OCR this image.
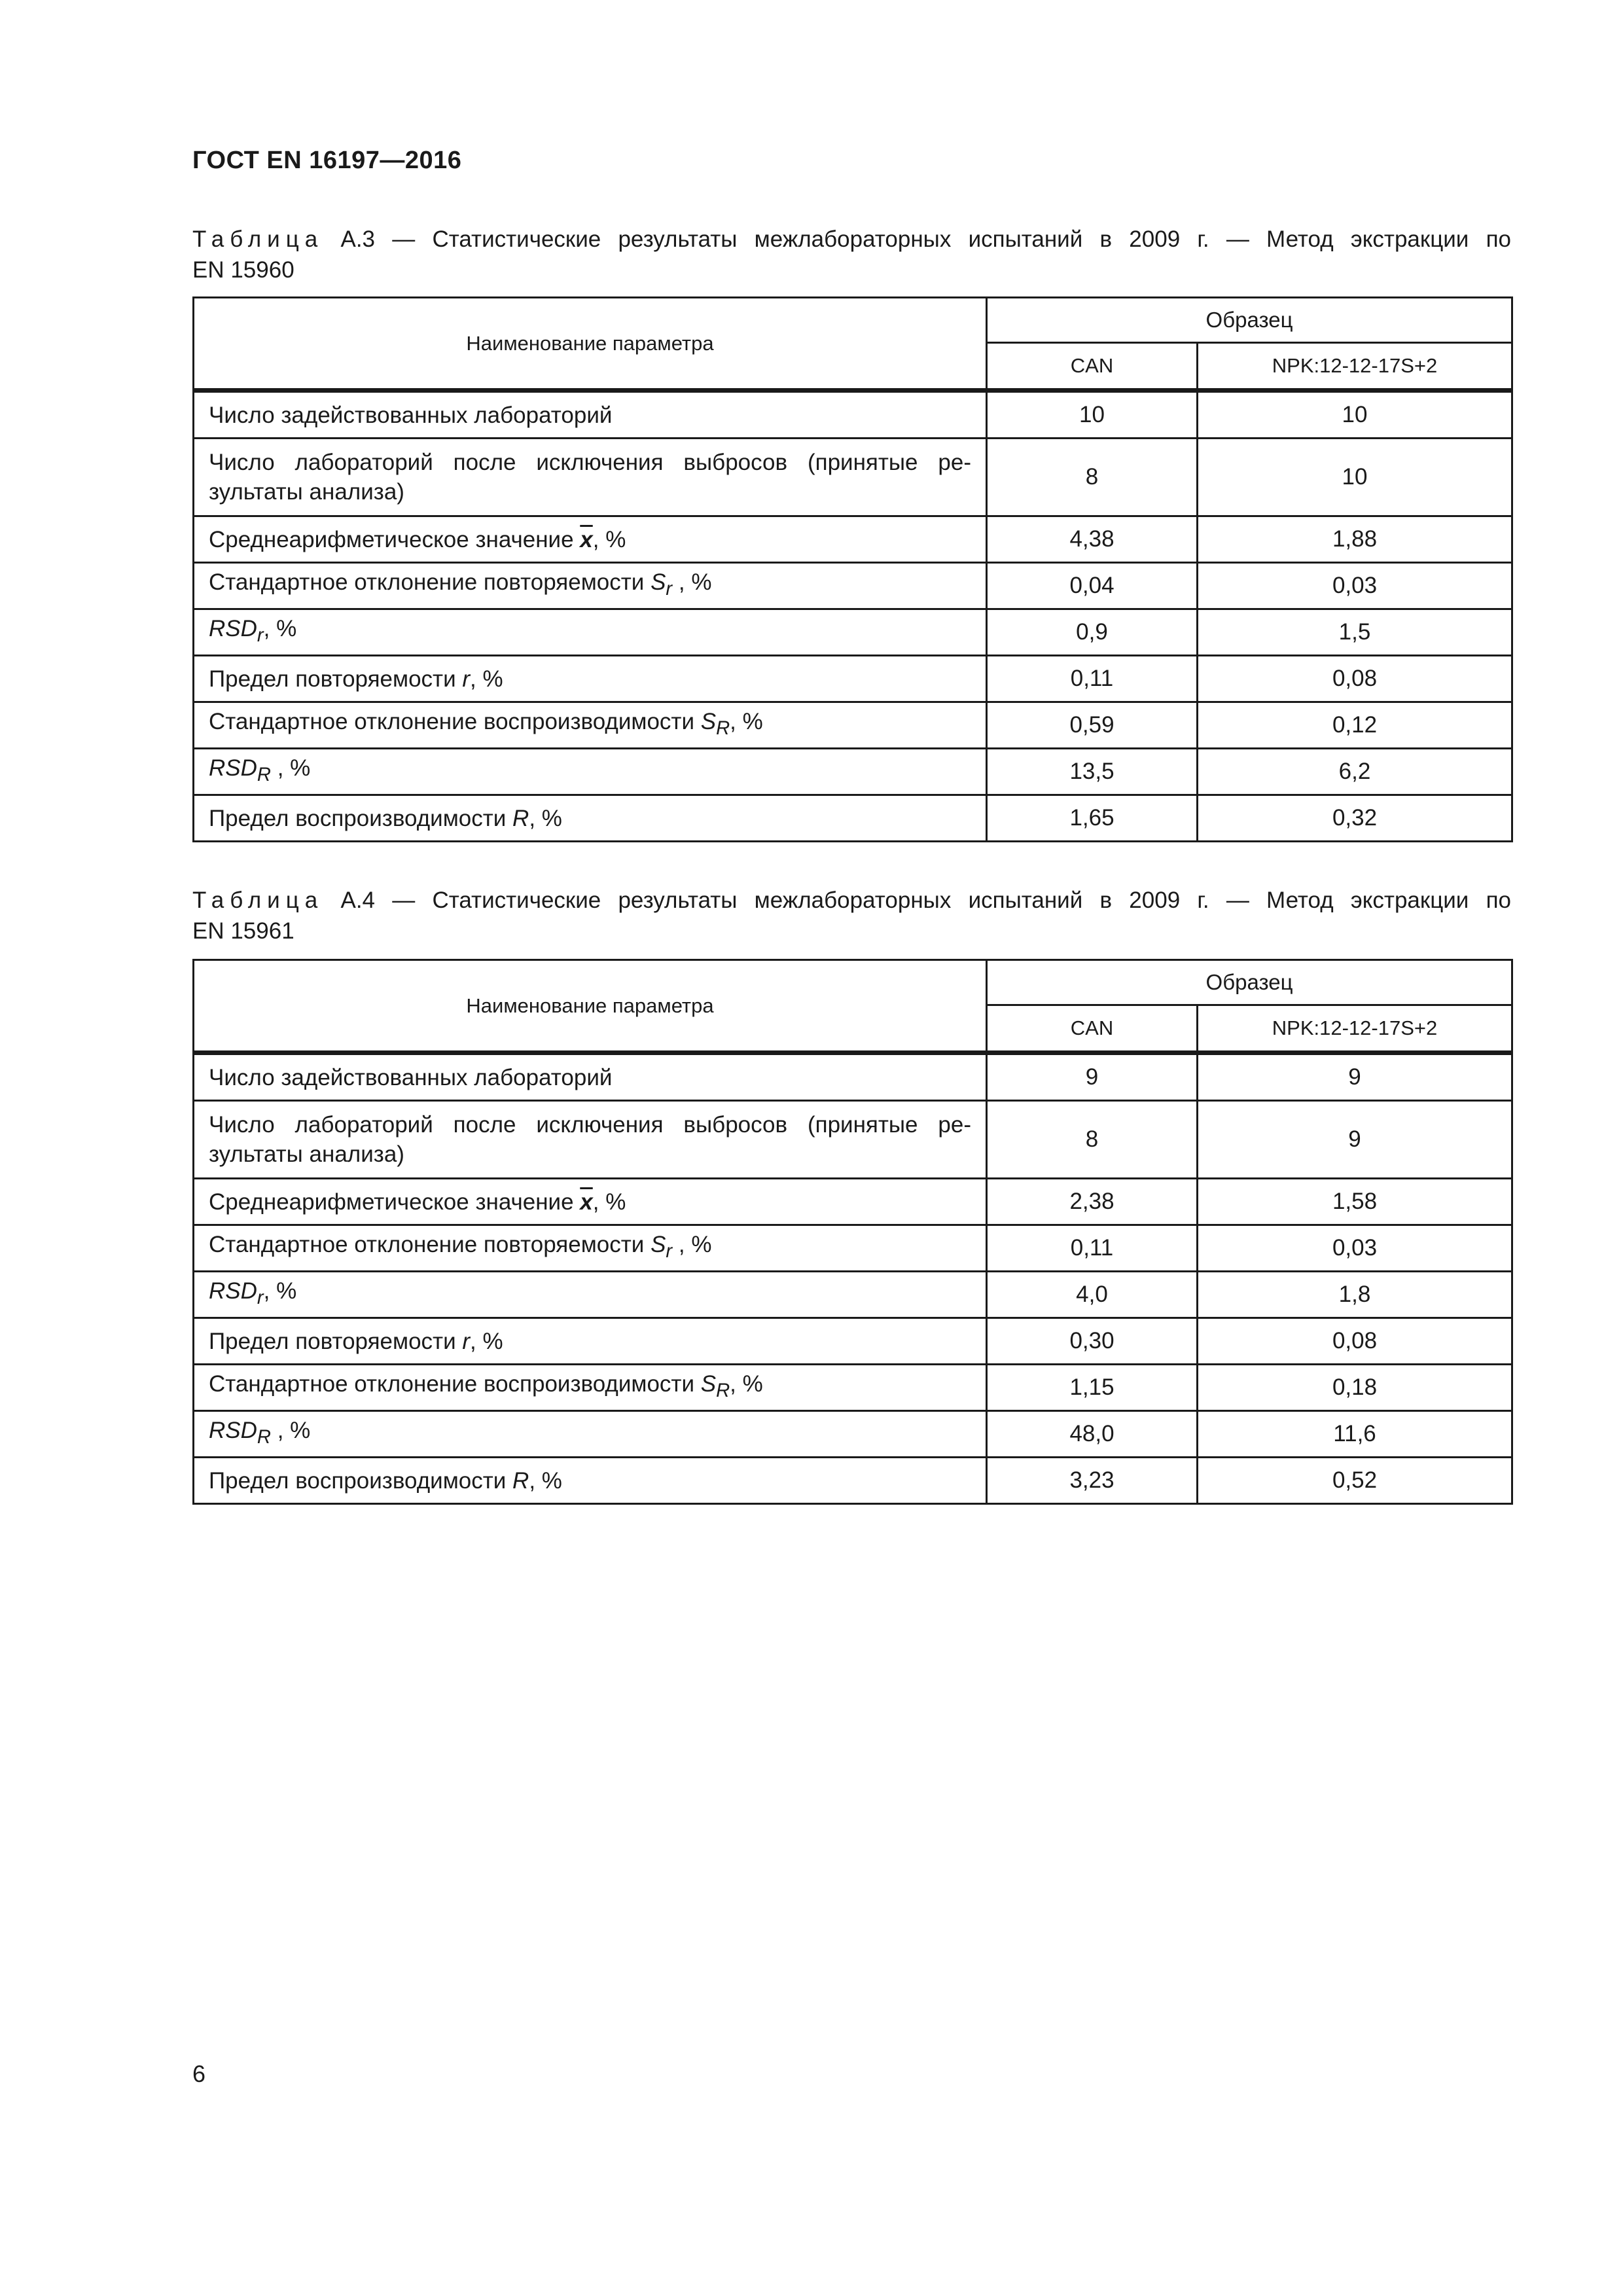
ГОСТ EN 16197—2016
Таблица A.3 — Статистические результаты межлабораторных испытаний в 2009 г. — Метод экстракции по
EN 15960
Наименование параметра	Образец	
	CAN	NPK:12-12-17S+2
Число задействованных лабораторий	10	10
Число лабораторий после исключения выбросов (принятые ре-зультаты анализа)	8	10
Среднеарифметическое значение $\overline{x}$, %	4,38	1,88
Стандартное отклонение повторяемости $S_r$ , %	0,04	0,03
$RSD_r$, %	0,9	1,5
Предел повторяемости r, %	0,11	0,08
Стандартное отклонение воспроизводимости $S_R$, %	0,59	0,12
$RSD_R$ , %	13,5	6,2
Предел воспроизводимости R, %	1,65	0,32
Таблица A.4 — Статистические результаты межлабораторных испытаний в 2009 г. — Метод экстракции по
EN 15961
Наименование параметра	Образец	
	CAN	NPK:12-12-17S+2
Число задействованных лабораторий	9	9
Число лабораторий после исключения выбросов (принятые ре-зультаты анализа)	8	9
Среднеарифметическое значение $\overline{x}$, %	2,38	1,58
Стандартное отклонение повторяемости $S_r$ , %	0,11	0,03
$RSD_r$, %	4,0	1,8
Предел повторяемости r, %	0,30	0,08
Стандартное отклонение воспроизводимости $S_R$, %	1,15	0,18
$RSD_R$ , %	48,0	11,6
Предел воспроизводимости R, %	3,23	0,52
6
